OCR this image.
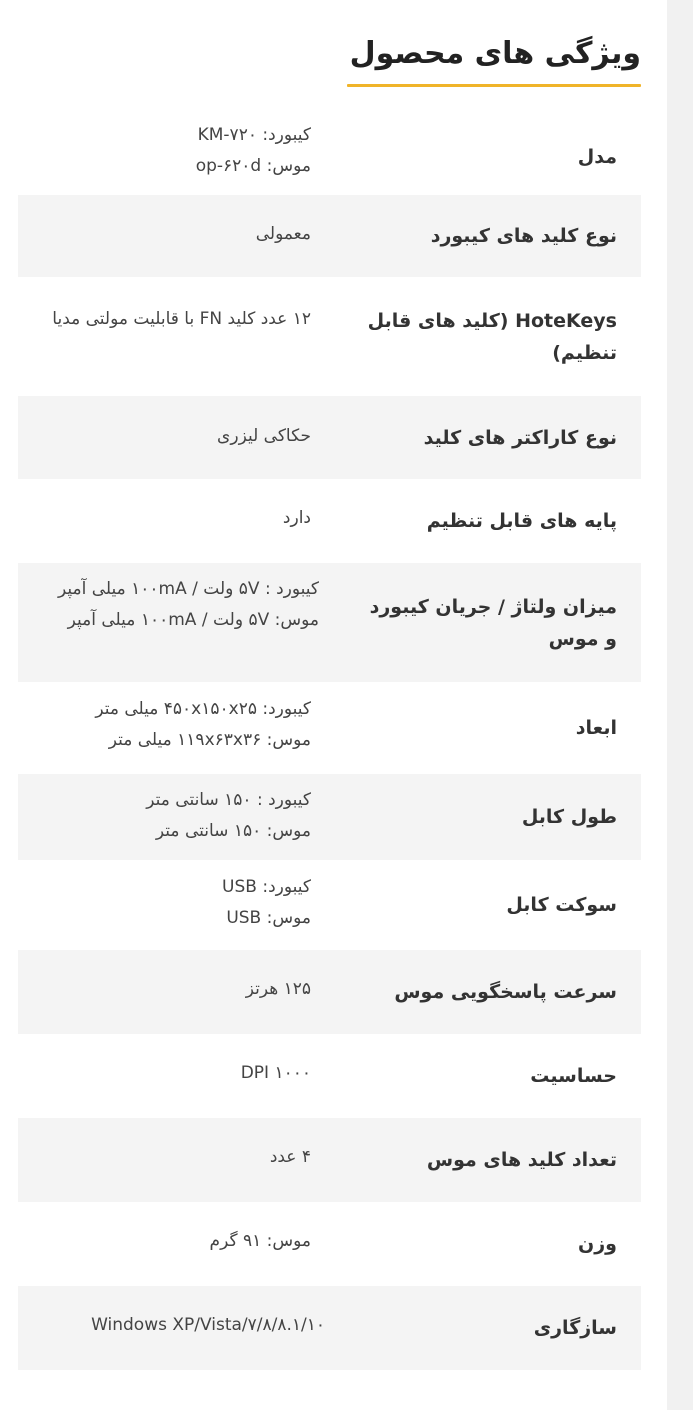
ویژگی های محصول
مدل
کیبورد: KM-۷۲۰
موس: op-۶۲۰d
نوع کلید های کیبورد
معمولی
HoteKeys (کلید های قابل تنظیم)
۱۲ عدد کلید FN با قابلیت مولتی مدیا
نوع کاراکتر های کلید
حکاکی لیزری
پایه های قابل تنظیم
دارد
میزان ولتاژ / جریان کیبورد و موس
کیبورد : ۵V ولت / ۱۰۰mA میلی آمپر
موس: ۵V ولت / ۱۰۰mA میلی آمپر
ابعاد
کیبورد: ۴۵۰x۱۵۰x۲۵ میلی متر
موس: ۱۱۹x۶۳x۳۶ میلی متر
طول کابل
کیبورد : ۱۵۰ سانتی متر
موس: ۱۵۰ سانتی متر
سوکت کابل
کیبورد: USB
موس: USB
سرعت پاسخگویی موس
۱۲۵ هرتز
حساسیت
DPI ۱۰۰۰
تعداد کلید های موس
۴ عدد
وزن
موس: ۹۱ گرم
سازگاری
Windows XP/Vista/۷/۸/۸.۱/۱۰
